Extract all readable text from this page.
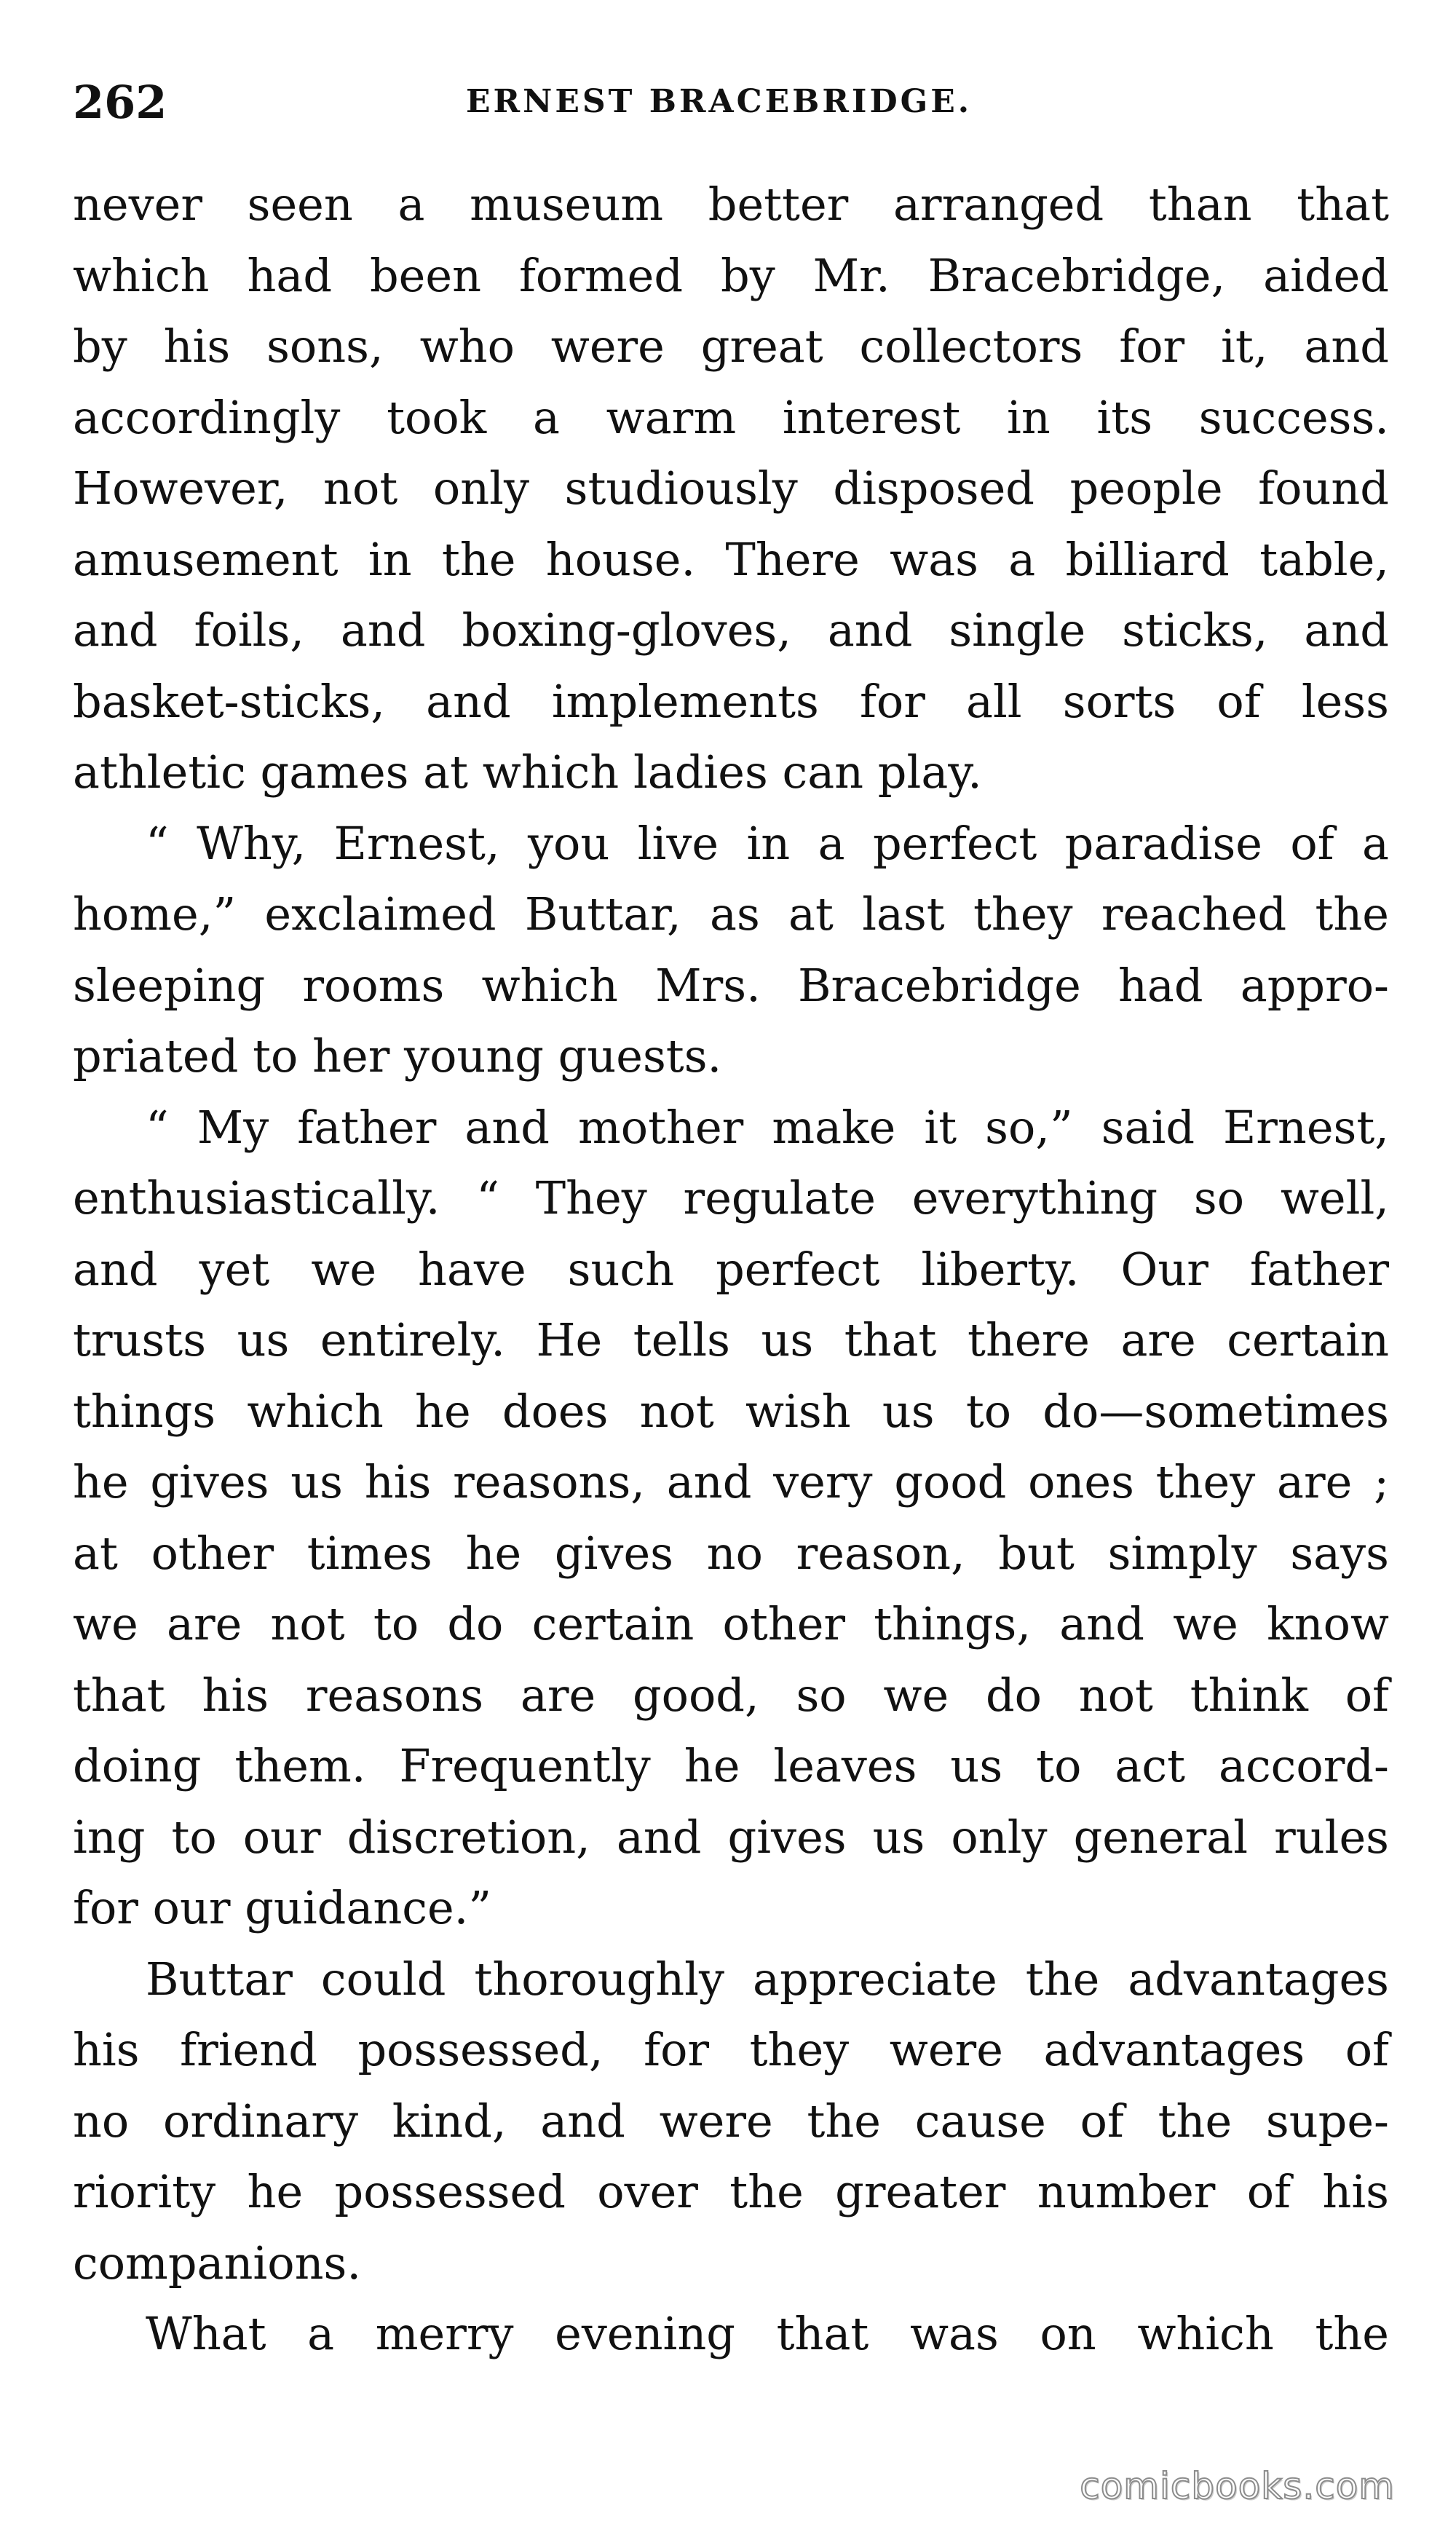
262	ERNEST BRACEBRIDGE.
never seen a museum better arranged than that
which had been formed by Mr. Bracebridge, aided
by his sons, who were great collectors for it, and
accordingly took a warm interest in its success.
However, not only studiously disposed people found
amusement in the house. There was a billiard table,
and foils, and boxing-gloves, and single sticks, and
basket-sticks, and implements for all sorts of less
athletic games at which ladies can play.
“ Why, Ernest, you live in a perfect paradise of a
home,” exclaimed Buttar, as at last they reached the
sleeping rooms which Mrs. Bracebridge had appro-
priated to her young guests.
“ My father and mother make it so,” said Ernest,
enthusiastically. “ They regulate everything so well,
and yet we have such perfect liberty. Our father
trusts us entirely. He tells us that there are certain
things which he does not wish us to do—sometimes
he gives us his reasons, and very good ones they are ;
at other times he gives no reason, but simply says
we are not to do certain other things, and we know
that his reasons are good, so we do not think of
doing them. Frequently he leaves us to act accord-
ing to our discretion, and gives us only general rules
for our guidance.”
Buttar could thoroughly appreciate the advantages
his friend possessed, for they were advantages of
no ordinary kind, and were the cause of the supe-
riority he possessed over the greater number of his
companions.
What a merry evening that was on which the
comicbooks.com
